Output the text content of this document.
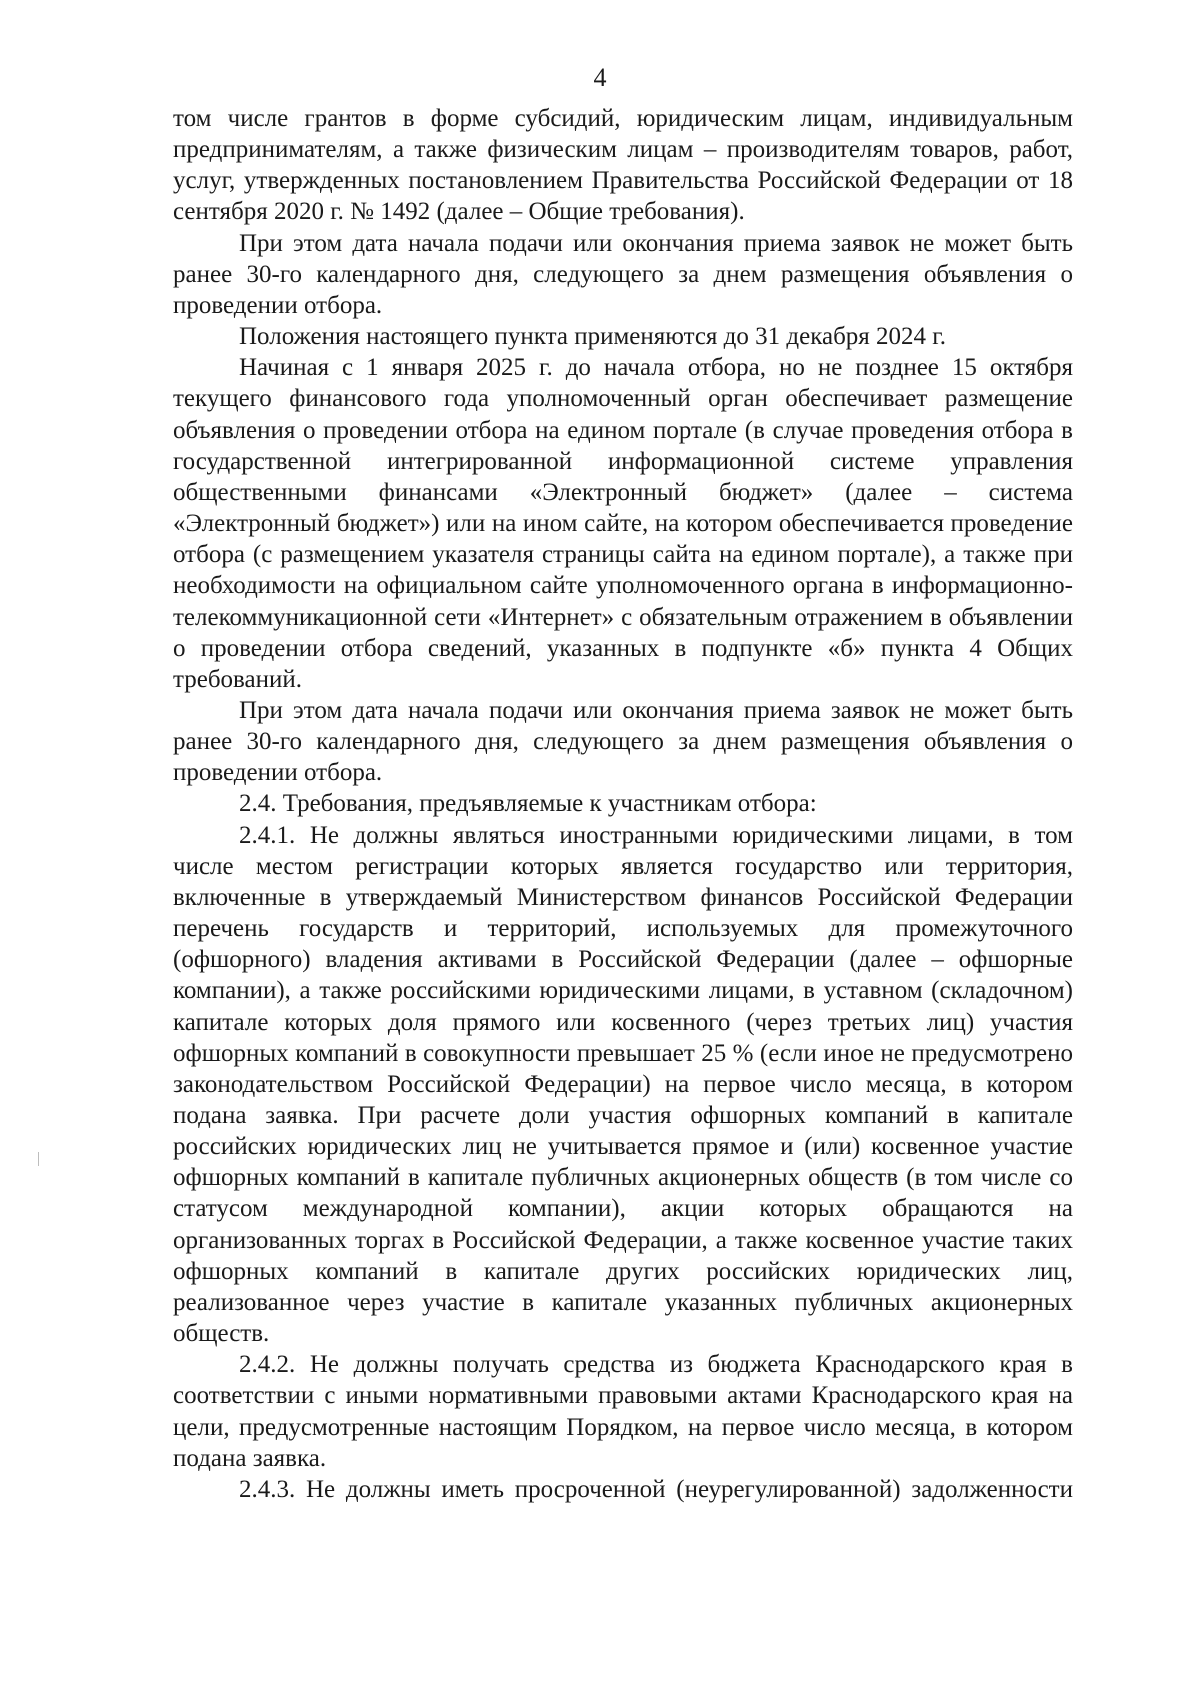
4

том числе грантов в форме субсидий, юридическим лицам, индивидуальным предпринимателям, а также физическим лицам – производителям товаров, работ, услуг, утвержденных постановлением Правительства Российской Федерации от 18 сентября 2020 г. № 1492 (далее – Общие требования).

При этом дата начала подачи или окончания приема заявок не может быть ранее 30-го календарного дня, следующего за днем размещения объявления о проведении отбора.

Положения настоящего пункта применяются до 31 декабря 2024 г.

Начиная с 1 января 2025 г. до начала отбора, но не позднее 15 октября текущего финансового года уполномоченный орган обеспечивает размещение объявления о проведении отбора на едином портале (в случае проведения отбора в государственной интегрированной информационной системе управления общественными финансами «Электронный бюджет» (далее – система «Электронный бюджет») или на ином сайте, на котором обеспечивается проведение отбора (с размещением указателя страницы сайта на едином портале), а также при необходимости на официальном сайте уполномоченного органа в информационно-телекоммуникационной сети «Интернет» с обязательным отражением в объявлении о проведении отбора сведений, указанных в подпункте «б» пункта 4 Общих требований.

При этом дата начала подачи или окончания приема заявок не может быть ранее 30-го календарного дня, следующего за днем размещения объявления о проведении отбора.

2.4. Требования, предъявляемые к участникам отбора:

2.4.1. Не должны являться иностранными юридическими лицами, в том числе местом регистрации которых является государство или территория, включенные в утверждаемый Министерством финансов Российской Федерации перечень государств и территорий, используемых для промежуточного (офшорного) владения активами в Российской Федерации (далее – офшорные компании), а также российскими юридическими лицами, в уставном (складочном) капитале которых доля прямого или косвенного (через третьих лиц) участия офшорных компаний в совокупности превышает 25 % (если иное не предусмотрено законодательством Российской Федерации) на первое число месяца, в котором подана заявка. При расчете доли участия офшорных компаний в капитале российских юридических лиц не учитывается прямое и (или) косвенное участие офшорных компаний в капитале публичных акционерных обществ (в том числе со статусом международной компании), акции которых обращаются на организованных торгах в Российской Федерации, а также косвенное участие таких офшорных компаний в капитале других российских юридических лиц, реализованное через участие в капитале указанных публичных акционерных обществ.

2.4.2. Не должны получать средства из бюджета Краснодарского края в соответствии с иными нормативными правовыми актами Краснодарского края на цели, предусмотренные настоящим Порядком, на первое число месяца, в котором подана заявка.

2.4.3. Не должны иметь просроченной (неурегулированной) задолженности
